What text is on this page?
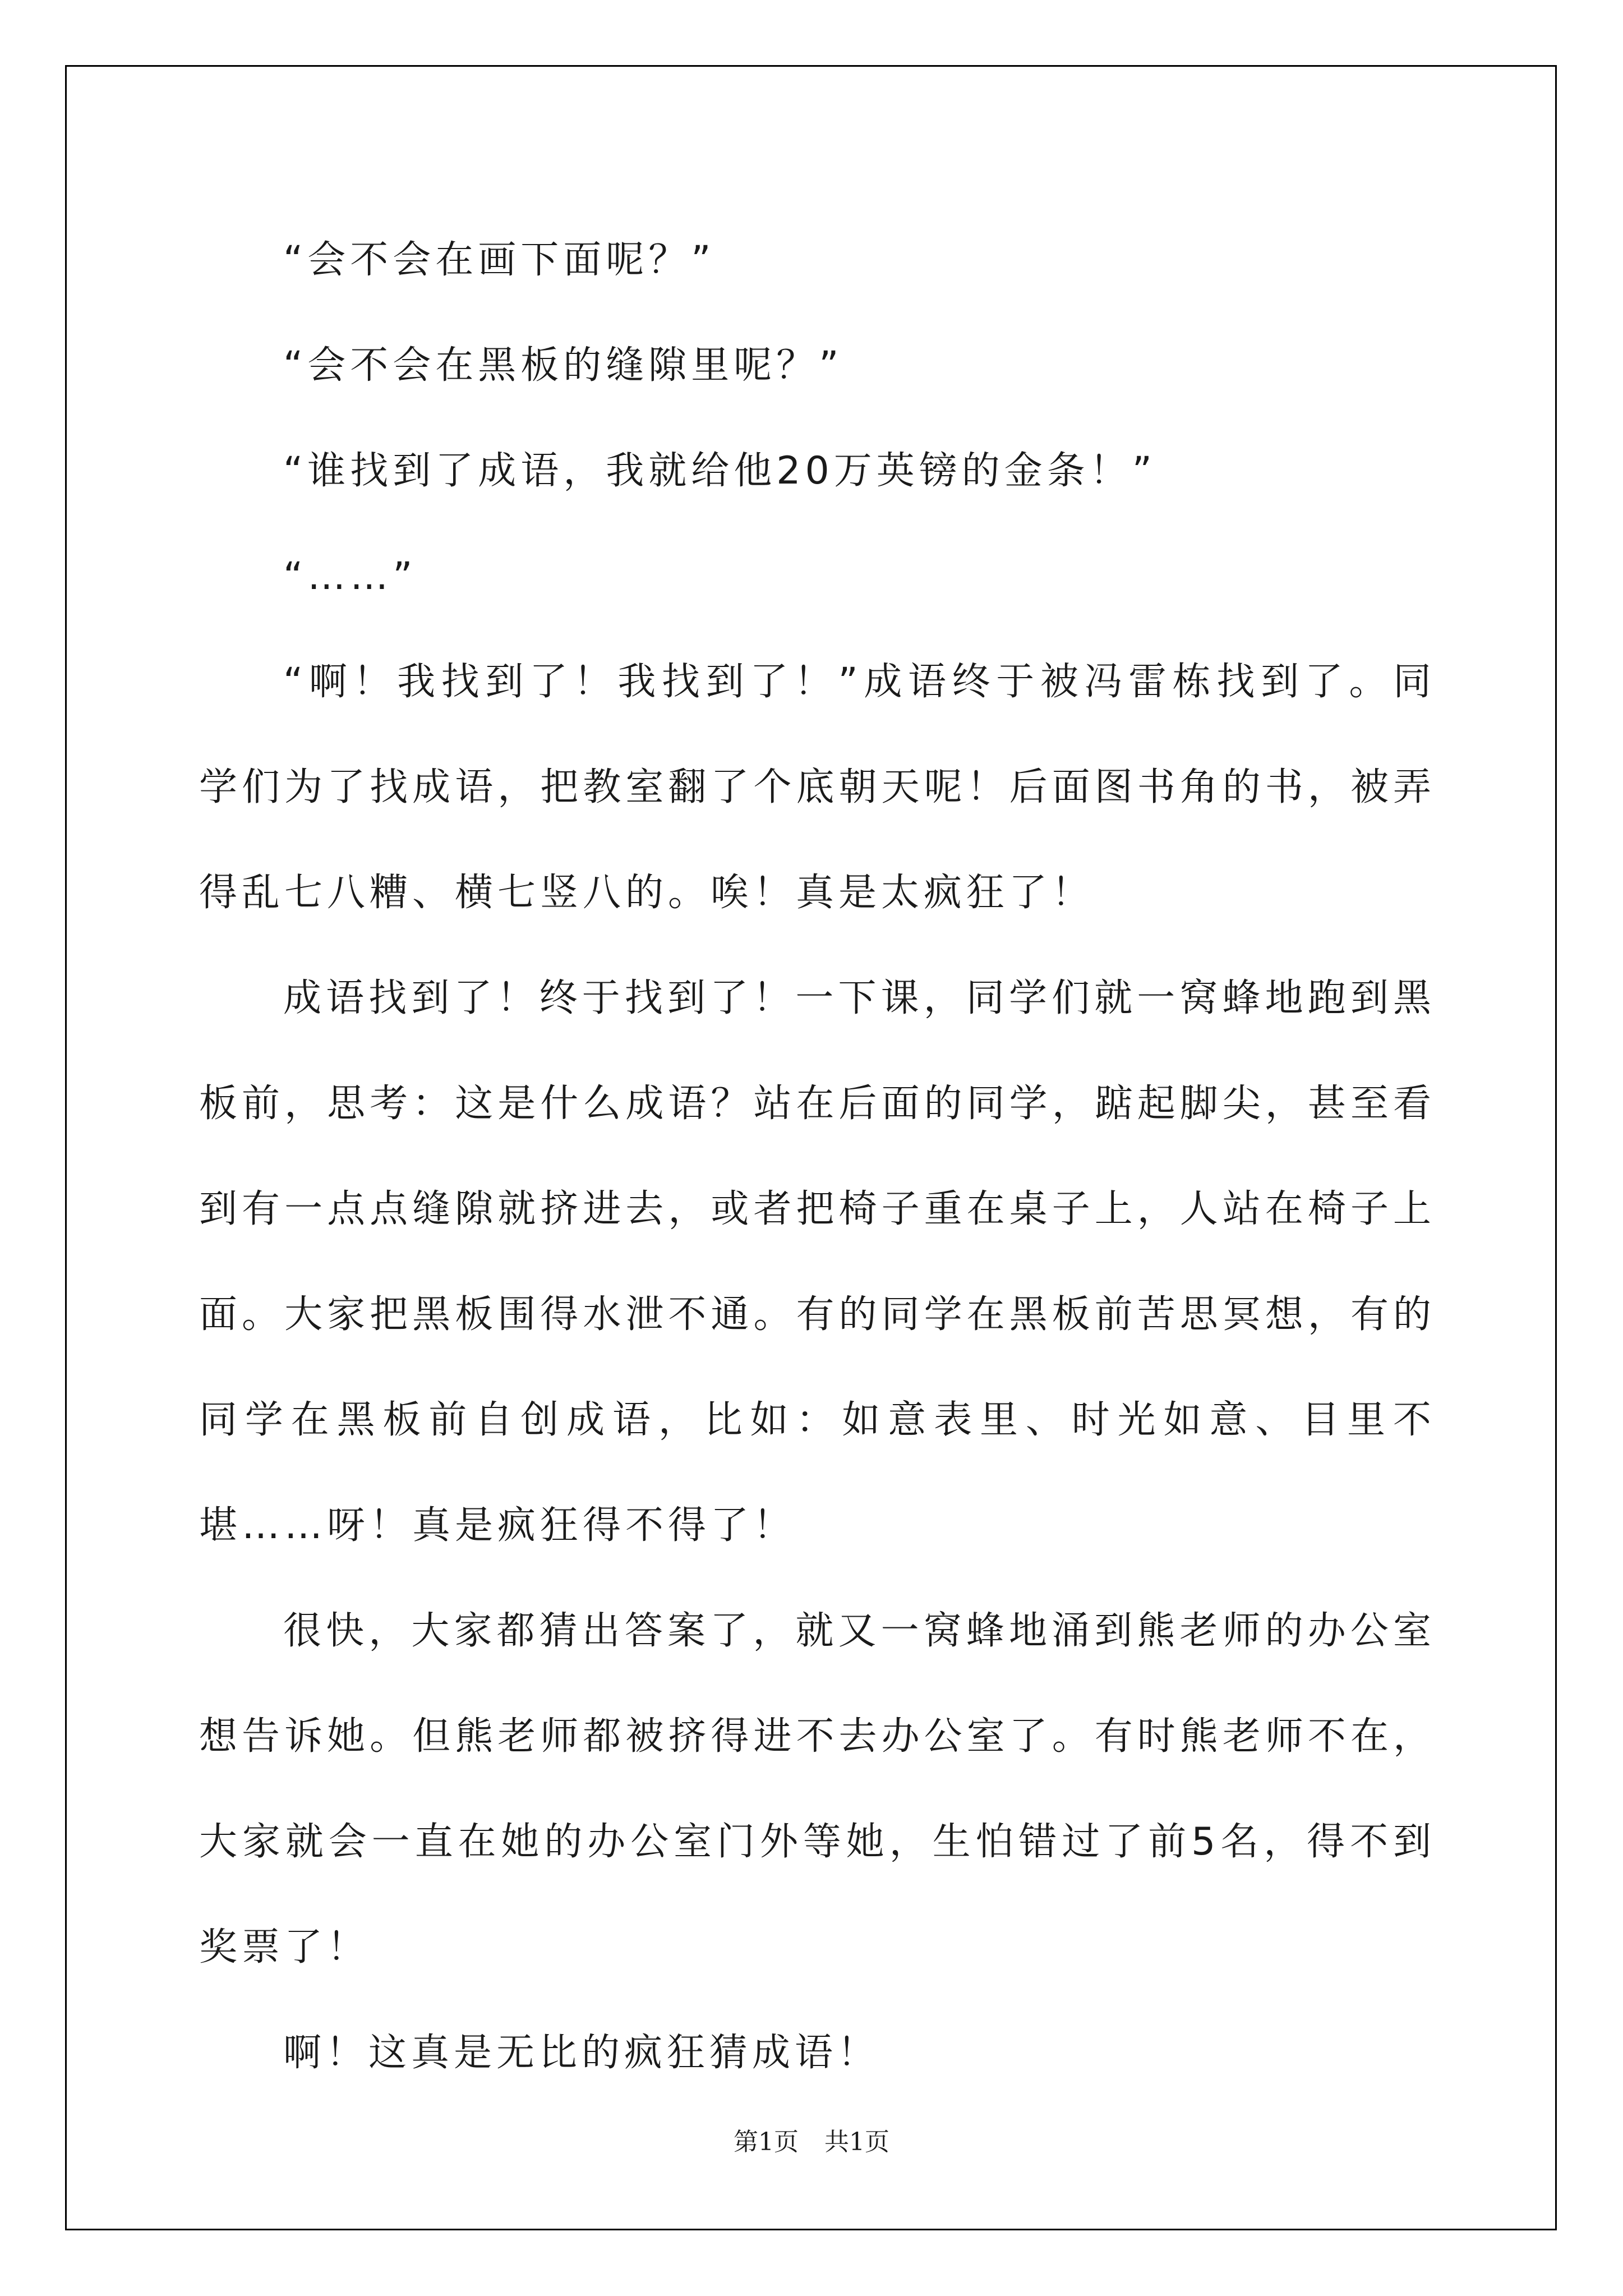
“会不会在画下面呢？”

“会不会在黑板的缝隙里呢？”

“谁找到了成语，我就给他20万英镑的金条！”

“……”

“啊！我找到了！我找到了！”成语终于被冯雷栋找到了。同学们为了找成语，把教室翻了个底朝天呢！后面图书角的书，被弄得乱七八糟、横七竖八的。唉！真是太疯狂了！

成语找到了！终于找到了！一下课，同学们就一窝蜂地跑到黑板前，思考：这是什么成语？站在后面的同学，踮起脚尖，甚至看到有一点点缝隙就挤进去，或者把椅子重在桌子上，人站在椅子上面。大家把黑板围得水泄不通。有的同学在黑板前苦思冥想，有的同学在黑板前自创成语，比如：如意表里、时光如意、目里不堪……呀！真是疯狂得不得了！

很快，大家都猜出答案了，就又一窝蜂地涌到熊老师的办公室想告诉她。但熊老师都被挤得进不去办公室了。有时熊老师不在，大家就会一直在她的办公室门外等她，生怕错过了前5名，得不到奖票了！

啊！这真是无比的疯狂猜成语！

第1页 共1页
